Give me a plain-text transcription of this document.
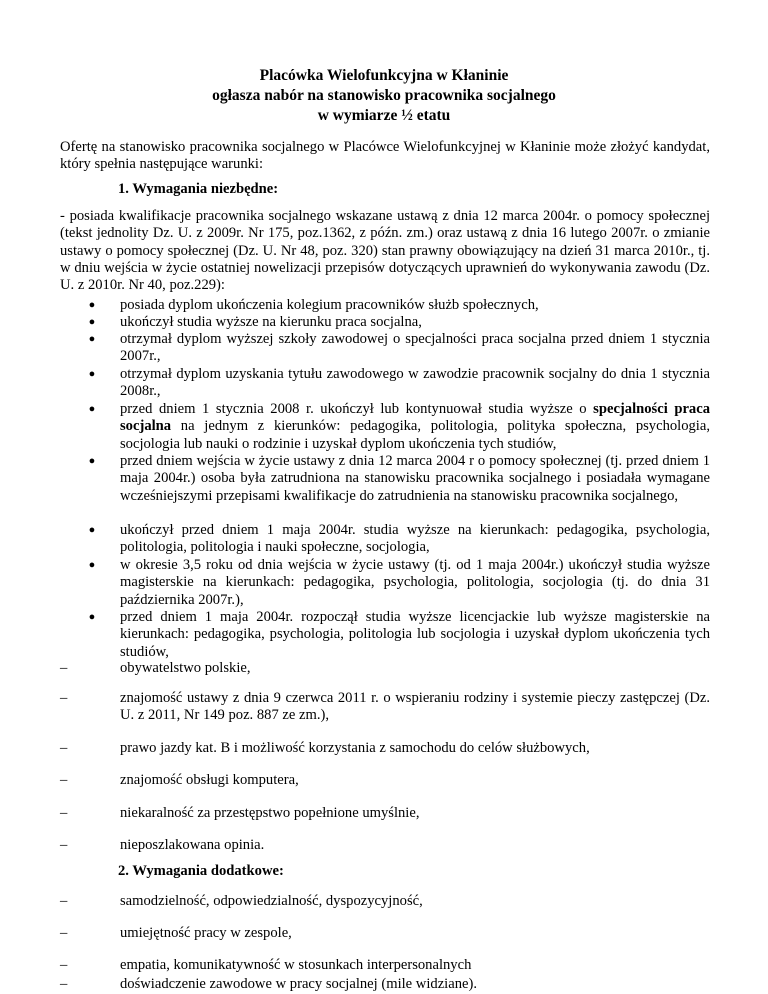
Placówka Wielofunkcyjna w Kłaninie
ogłasza nabór na stanowisko pracownika socjalnego
w wymiarze ½ etatu
Ofertę na stanowisko pracownika socjalnego w Placówce Wielofunkcyjnej w Kłaninie może złożyć kandydat, który spełnia następujące warunki:
1. Wymagania niezbędne:
- posiada kwalifikacje pracownika socjalnego wskazane ustawą z dnia 12 marca 2004r. o pomocy społecznej (tekst jednolity Dz. U. z 2009r. Nr 175, poz.1362, z późn. zm.) oraz ustawą z dnia 16 lutego 2007r. o zmianie ustawy o pomocy społecznej (Dz. U. Nr 48, poz. 320) stan prawny obowiązujący na dzień 31 marca 2010r., tj. w dniu wejścia w życie ostatniej nowelizacji przepisów dotyczących uprawnień do wykonywania zawodu (Dz. U. z 2010r. Nr 40, poz.229):
●	posiada dyplom ukończenia kolegium pracowników służb społecznych,
●	ukończył studia wyższe na kierunku praca socjalna,
●	otrzymał dyplom wyższej szkoły zawodowej o specjalności praca socjalna przed dniem 1 stycznia 2007r.,
●	otrzymał dyplom uzyskania tytułu zawodowego w zawodzie pracownik socjalny do dnia 1 stycznia 2008r.,
●	przed dniem 1 stycznia 2008 r. ukończył lub kontynuował studia wyższe o specjalności praca socjalna na jednym z kierunków: pedagogika, politologia, polityka społeczna, psychologia, socjologia lub nauki o rodzinie i uzyskał dyplom ukończenia tych studiów,
●	przed dniem wejścia w życie ustawy z dnia 12 marca 2004 r o pomocy społecznej (tj. przed dniem 1 maja 2004r.) osoba była zatrudniona na stanowisku pracownika socjalnego i posiadała wymagane wcześniejszymi przepisami kwalifikacje do zatrudnienia na stanowisku pracownika socjalnego,
●	ukończył przed dniem 1 maja 2004r. studia wyższe na kierunkach: pedagogika, psychologia, politologia, politologia i nauki społeczne, socjologia,
●	w okresie 3,5 roku od dnia wejścia w życie ustawy (tj. od 1 maja 2004r.) ukończył studia wyższe magisterskie na kierunkach: pedagogika, psychologia, politologia, socjologia (tj. do dnia 31 października 2007r.),
●	przed dniem 1 maja 2004r. rozpoczął studia wyższe licencjackie lub wyższe magisterskie na kierunkach: pedagogika, psychologia, politologia lub socjologia i uzyskał dyplom ukończenia tych studiów,
–	obywatelstwo polskie,
–	znajomość ustawy z dnia 9 czerwca 2011 r. o wspieraniu rodziny i systemie pieczy zastępczej (Dz. U. z 2011, Nr 149 poz. 887 ze zm.),
–	prawo jazdy kat. B i możliwość korzystania z samochodu do celów służbowych,
–	znajomość obsługi komputera,
–	niekaralność za przestępstwo popełnione umyślnie,
–	nieposzlakowana opinia.
2. Wymagania dodatkowe:
–	samodzielność, odpowiedzialność, dyspozycyjność,
–	umiejętność pracy w zespole,
–	empatia, komunikatywność w stosunkach interpersonalnych
–	doświadczenie zawodowe w pracy socjalnej (mile widziane).
